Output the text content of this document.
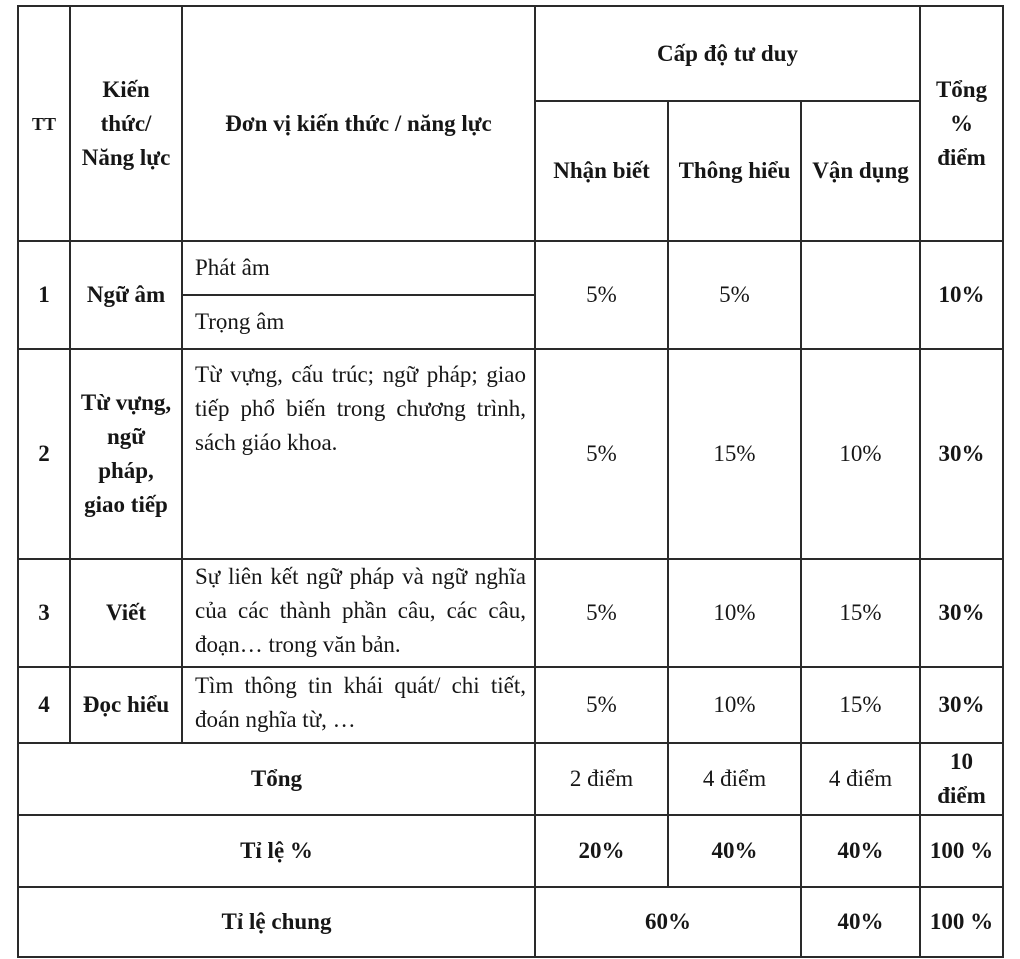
TT	Kiến thức/ Năng lực	Đơn vị kiến thức / năng lực	Cấp độ tư duy			Tổng % điểm
			Nhận biết	Thông hiểu	Vận dụng	
1	Ngữ âm	Phát âm	5%	5%		10%
		Trọng âm				
2	Từ vựng, ngữ pháp, giao tiếp	Từ vựng, cấu trúc; ngữ pháp; giao tiếp phổ biến trong chương trình, sách giáo khoa.	5%	15%	10%	30%
3	Viết	Sự liên kết ngữ pháp và ngữ nghĩa của các thành phần câu, các câu, đoạn… trong văn bản.	5%	10%	15%	30%
4	Đọc hiểu	Tìm thông tin khái quát/ chi tiết, đoán nghĩa từ, …	5%	10%	15%	30%
Tổng			2 điểm	4 điểm	4 điểm	10 điểm
Tỉ lệ %			20%	40%	40%	100 %
Tỉ lệ chung			60%		40%	100 %
